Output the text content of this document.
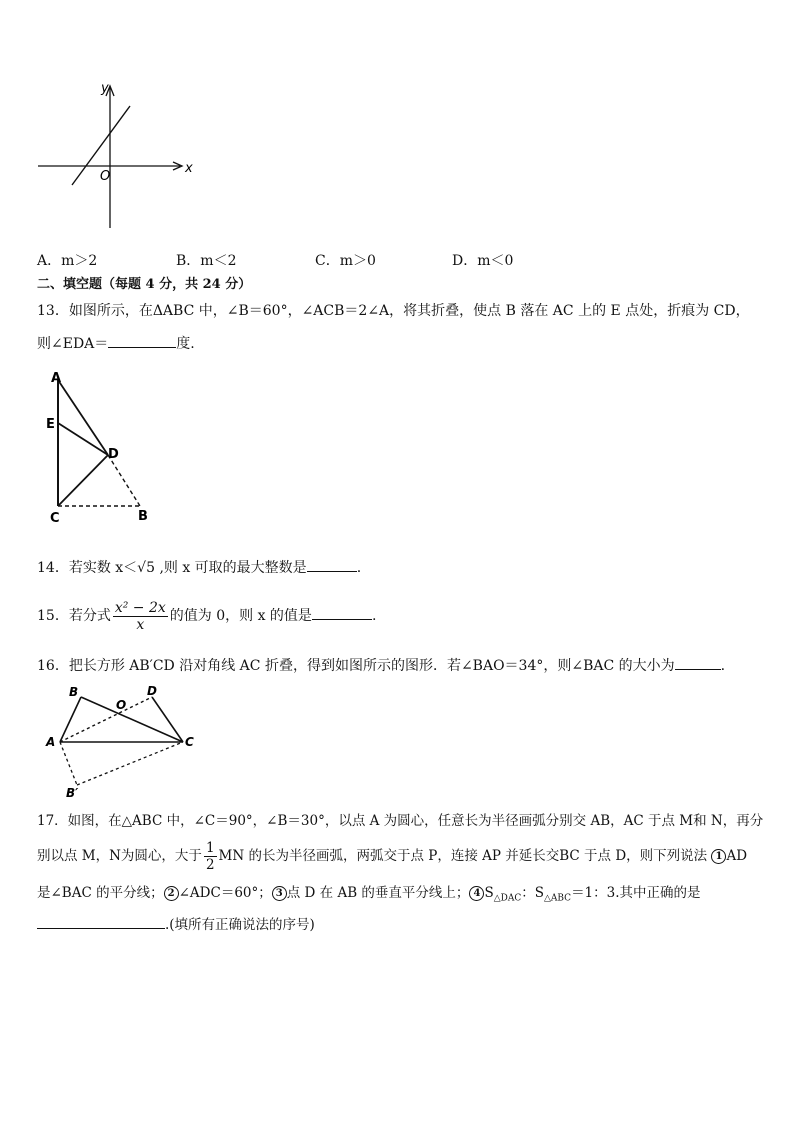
x
y
O
A．m＞2	B．m＜2	C．m＞0	D．m＜0
二、填空题（每题 4 分，共 24 分）
13．如图所示，在ΔABC 中，∠B＝60°，∠ACB＝2∠A，将其折叠，使点 B 落在 AC 上的 E 点处，折痕为 CD，
则∠EDA＝	度.
A
E
D
C	B
14．若实数 x＜√5 ,则 x 可取的最大整数是	.
15．若分式 $\frac{\text{x² − 2x}}{x}$ 的值为 0，则 x 的值是	.
16．把长方形 AB′CD 沿对角线 AC 折叠，得到如图所示的图形．若∠BAO＝34°，则∠BAC 的大小为	.
B
O
D
A	C
B′
17．如图，在△ABC 中，∠C＝90°，∠B＝30°，以点 A 为圆心，任意长为半径画弧分别交 AB，AC 于点 M和 N，再分
别以点 M，N为圆心，大于 $\frac{1}{2}$ MN 的长为半径画弧，两弧交于点 P，连接 AP 并延长交BC 于点 D，则下列说法 1 AD
是∠BAC 的平分线； 2 ∠ADC＝60°； 3 点 D 在 AB 的垂直平分线上； 4 $S_{\triangle DAC}$：$S_{\triangle ABC}=1$：3.其中正确的是
.(填所有正确说法的序号)
